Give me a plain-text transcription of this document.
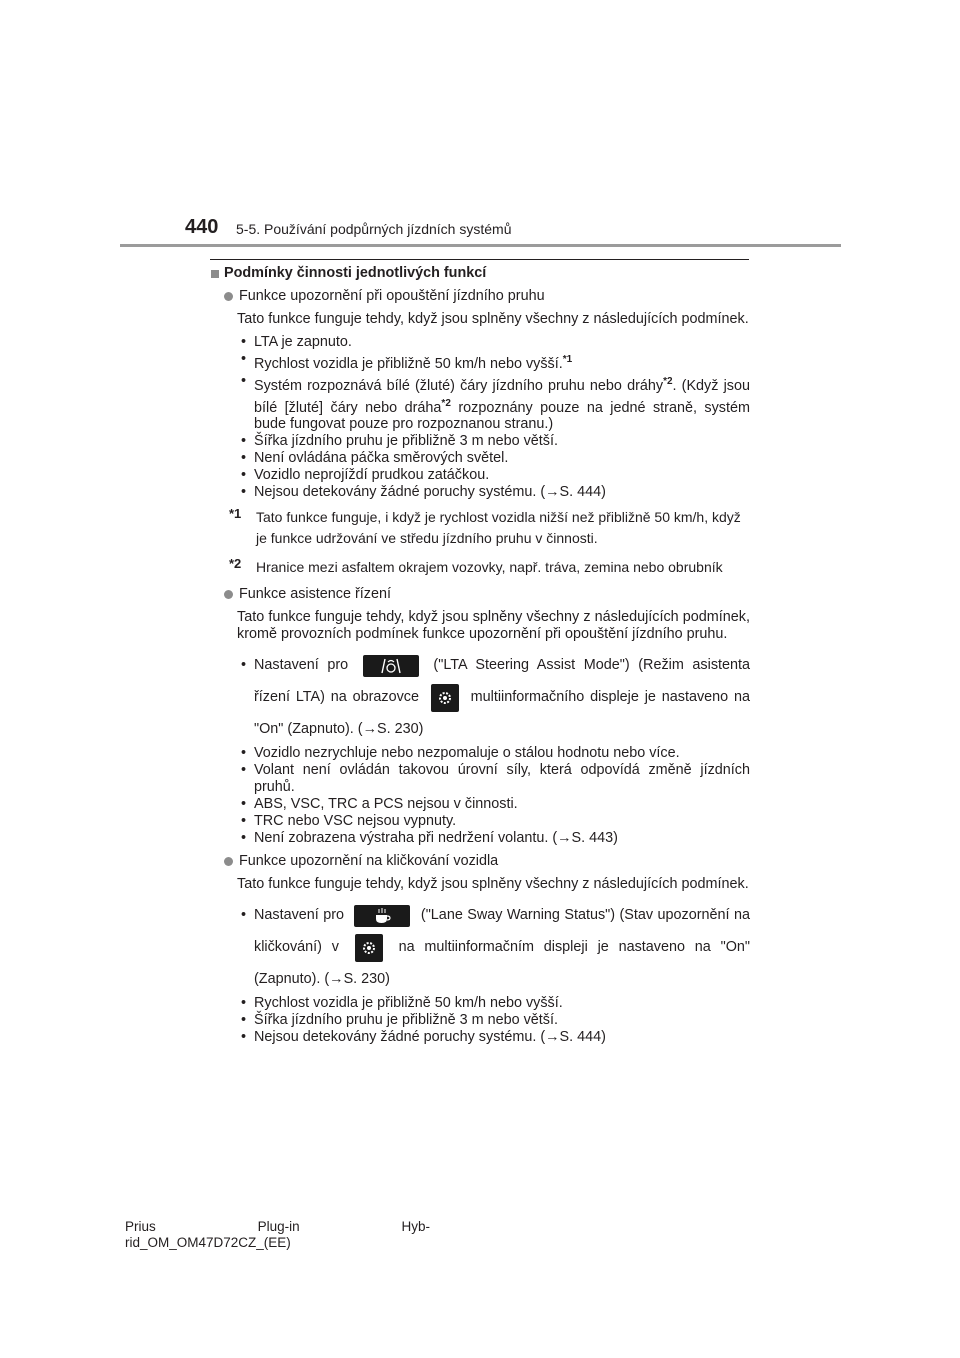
440 5-5. Používání podpůrných jízdních systémů
Podmínky činnosti jednotlivých funkcí
Funkce upozornění při opouštění jízdního pruhu

Tato funkce funguje tehdy, když jsou splněny všechny z následujících podmínek.

• LTA je zapnuto.
• Rychlost vozidla je přibližně 50 km/h nebo vyšší.$^{*1}$
• Systém rozpoznává bílé (žluté) čáry jízdního pruhu nebo dráhy$^{*2}$. (Když jsou bílé [žluté] čáry nebo dráha$^{*2}$ rozpoznány pouze na jedné straně, systém bude fungovat pouze pro rozpoznanou stranu.)
• Šířka jízdního pruhu je přibližně 3 m nebo větší.
• Není ovládána páčka směrových světel.
• Vozidlo neprojíždí prudkou zatáčkou.
• Nejsou detekovány žádné poruchy systému. (→S. 444)
*1 Tato funkce funguje, i když je rychlost vozidla nižší než přibližně 50 km/h, když je funkce udržování ve středu jízdního pruhu v činnosti.
*2 Hranice mezi asfaltem okrajem vozovky, např. tráva, zemina nebo obrubník
Funkce asistence řízení

Tato funkce funguje tehdy, když jsou splněny všechny z následujících podmínek, kromě provozních podmínek funkce upozornění při opouštění jízdního pruhu.

• Nastavení pro	("LTA Steering Assist Mode") (Režim asistenta řízení LTA) na obrazovce	multiinformačního displeje je nastaveno na "On" (Zapnuto). (→S. 230)
• Vozidlo nezrychluje nebo nezpomaluje o stálou hodnotu nebo více.
• Volant není ovládán takovou úrovní síly, která odpovídá změně jízdních pruhů.
• ABS, VSC, TRC a PCS nejsou v činnosti.
• TRC nebo VSC nejsou vypnuty.
• Není zobrazena výstraha při nedržení volantu. (→S. 443)
Funkce upozornění na kličkování vozidla

Tato funkce funguje tehdy, když jsou splněny všechny z následujících podmínek.

• Nastavení pro	("Lane Sway Warning Status") (Stav upozornění na kličkování) v	na multiinformačním displeji je nastaveno na "On" (Zapnuto). (→S. 230)
• Rychlost vozidla je přibližně 50 km/h nebo vyšší.
• Šířka jízdního pruhu je přibližně 3 m nebo větší.
• Nejsou detekovány žádné poruchy systému. (→S. 444)
Prius	Plug-in	Hyb-
rid_OM_OM47D72CZ_(EE)
